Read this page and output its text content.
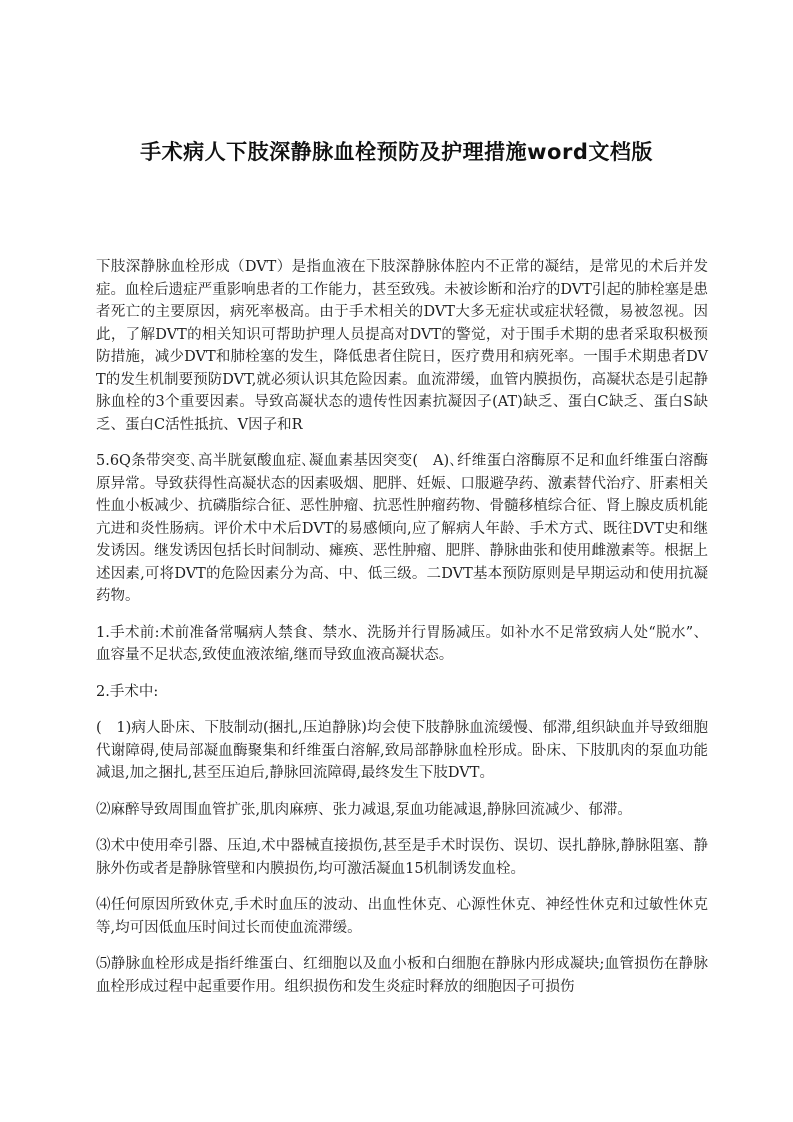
手术病人下肢深静脉血栓预防及护理措施word文档版

下肢深静脉血栓形成（DVT）是指血液在下肢深静脉体腔内不正常的凝结，是常见的术后并发症。血栓后遗症严重影响患者的工作能力，甚至致残。未被诊断和治疗的DVT引起的肺栓塞是患者死亡的主要原因，病死率极高。由于手术相关的DVT大多无症状或症状轻微，易被忽视。因此，了解DVT的相关知识可帮助护理人员提高对DVT的警觉，对于围手术期的患者采取积极预防措施，减少DVT和肺栓塞的发生，降低患者住院日，医疗费用和病死率。一围手术期患者DVT的发生机制要预防DVT,就必须认识其危险因素。血流滞缓，血管内膜损伤，高凝状态是引起静脉血栓的3个重要因素。导致高凝状态的遗传性因素抗凝因子(AT)缺乏、蛋白C缺乏、蛋白S缺乏、蛋白C活性抵抗、V因子和R

5.6Q条带突变､高半胱氨酸血症､凝血素基因突变(　A)､纤维蛋白溶酶原不足和血纤维蛋白溶酶原异常。导致获得性高凝状态的因素吸烟、肥胖、妊娠、口服避孕药、激素替代治疗、肝素相关性血小板减少、抗磷脂综合征、恶性肿瘤、抗恶性肿瘤药物、骨髓移植综合征、肾上腺皮质机能亢进和炎性肠病。评价术中术后DVT的易感倾向,应了解病人年龄、手术方式、既往DVT史和继发诱因。继发诱因包括长时间制动、瘫痪、恶性肿瘤、肥胖、静脉曲张和使用雌激素等。根据上述因素,可将DVT的危险因素分为高、中、低三级。二DVT基本预防原则是早期运动和使用抗凝药物。

1.手术前:术前准备常嘱病人禁食、禁水、洗肠并行胃肠减压。如补水不足常致病人处“脱水”、血容量不足状态,致使血液浓缩,继而导致血液高凝状态。

2.手术中:

(　1)病人卧床、下肢制动(捆扎,压迫静脉)均会使下肢静脉血流缓慢、郁滞,组织缺血并导致细胞代谢障碍,使局部凝血酶聚集和纤维蛋白溶解,致局部静脉血栓形成。卧床、下肢肌肉的泵血功能减退,加之捆扎,甚至压迫后,静脉回流障碍,最终发生下肢DVT。

⑵麻醉导致周围血管扩张,肌肉麻痹、张力减退,泵血功能减退,静脉回流减少、郁滞。

⑶术中使用牵引器、压迫,术中器械直接损伤,甚至是手术时误伤、误切、误扎静脉,静脉阻塞、静脉外伤或者是静脉管壁和内膜损伤,均可激活凝血15机制诱发血栓。

⑷任何原因所致休克,手术时血压的波动、出血性休克、心源性休克、神经性休克和过敏性休克等,均可因低血压时间过长而使血流滞缓。

⑸静脉血栓形成是指纤维蛋白、红细胞以及血小板和白细胞在静脉内形成凝块;血管损伤在静脉血栓形成过程中起重要作用。组织损伤和发生炎症时释放的细胞因子可损伤
